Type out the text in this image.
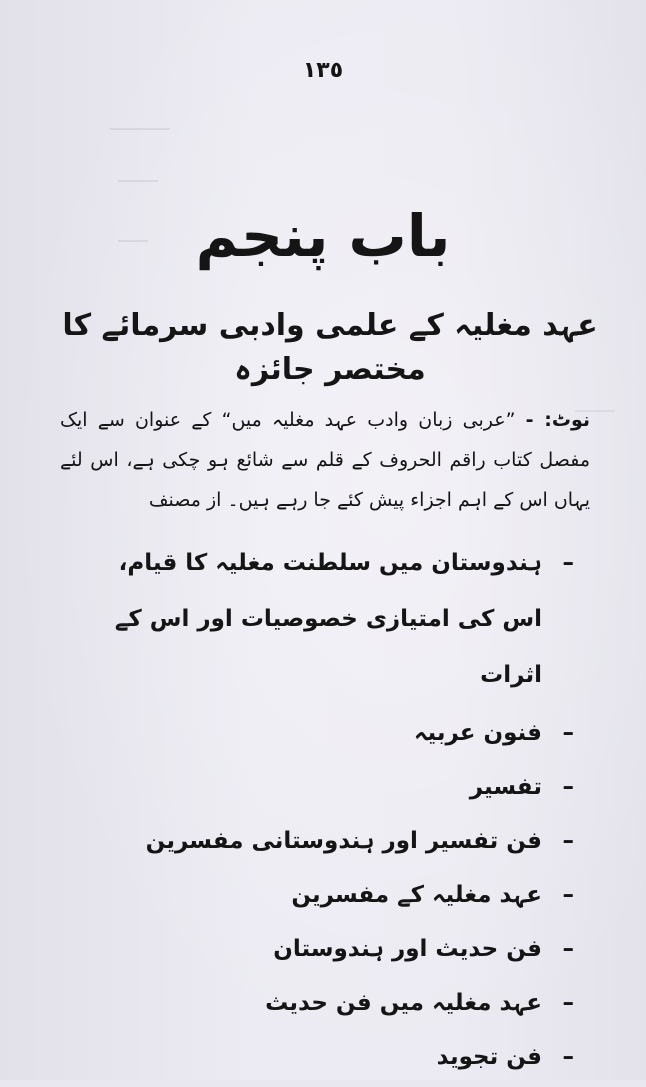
١٣٥
باب پنجم
عہد مغلیہ کے علمی وادبی سرمائے کا مختصر جائزہ
نوٹ: - ”عربی زبان وادب عہد مغلیہ میں“ کے عنوان سے ایک مفصل کتاب راقم الحروف کے قلم سے شائع ہو چکی ہے، اس لئے یہاں اس کے اہم اجزاء پیش کئے جا رہے ہیں۔ از مصنف
–
ہندوستان میں سلطنت مغلیہ کا قیام، اس کی امتیازی خصوصیات اور اس کے اثرات
–
فنون عربیہ
–
تفسیر
–
فن تفسیر اور ہندوستانی مفسرین
–
عہد مغلیہ کے مفسرین
–
فن حدیث اور ہندوستان
–
عہد مغلیہ میں فن حدیث
–
فن تجوید
